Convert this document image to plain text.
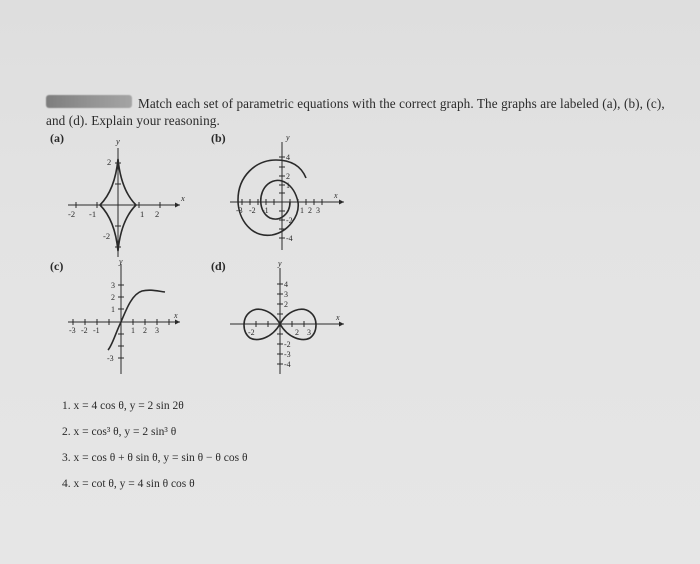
Match each set of parametric equations with the correct graph. The graphs are labeled (a), (b), (c),
and (d). Explain your reasoning.
(a)	(b)
(c)	(d)
y
x
-2 -1	1 2
2
-2
y
x
-3 -2 -1	1 2 3
4
2
1
-2
-4
y
x
-3 -2 -1	1 2 3
3
2
1
-3
y
x
-2	2 3
4
3
2
-2
-3
-4
1. x = 4 cos θ, y = 2 sin 2θ
2. x = cos³ θ, y = 2 sin³ θ
3. x = cos θ + θ sin θ, y = sin θ − θ cos θ
4. x = cot θ, y = 4 sin θ cos θ
